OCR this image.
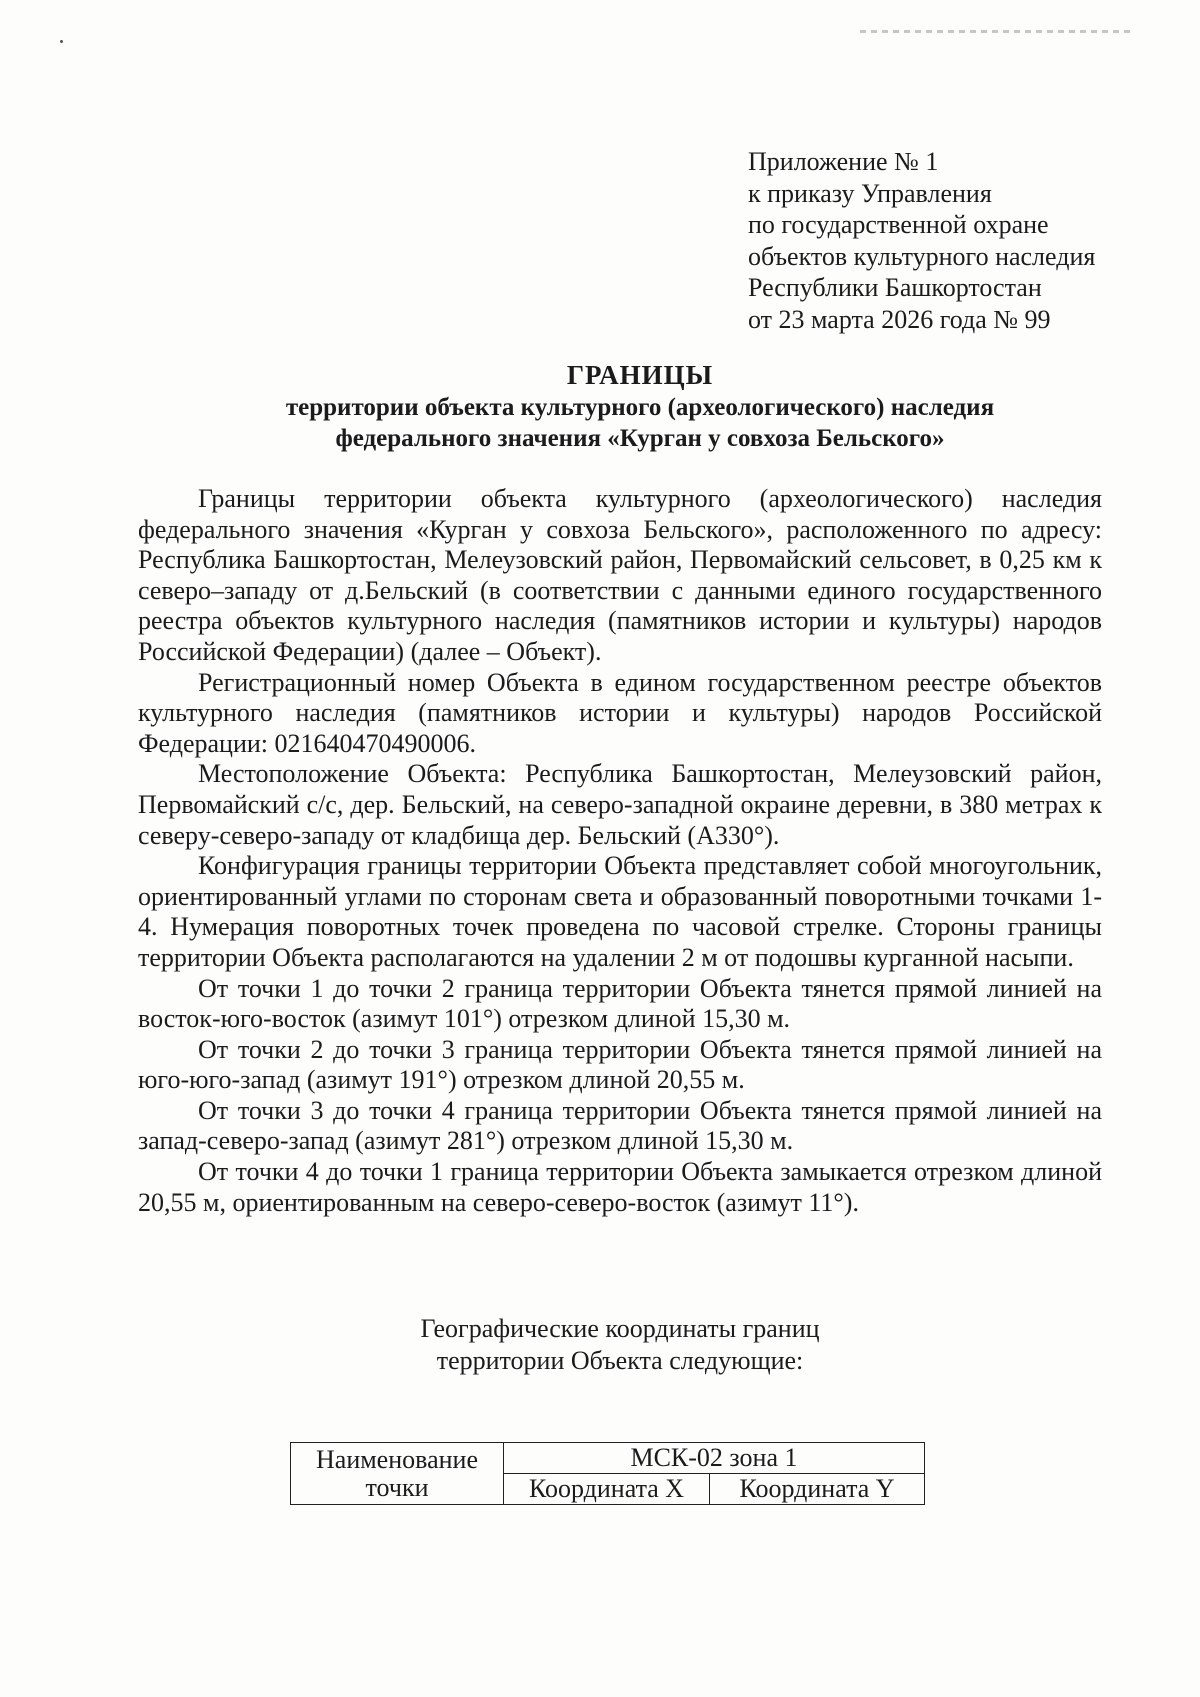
Приложение № 1
к приказу Управления
по государственной охране
объектов культурного наследия
Республики Башкортостан
от 23 марта 2026 года № 99
ГРАНИЦЫ
территории объекта культурного (археологического) наследия
федерального значения «Курган у совхоза Бельского»

Границы территории объекта культурного (археологического) наследия федерального значения «Курган у совхоза Бельского», расположенного по адресу: Республика Башкортостан, Мелеузовский район, Первомайский сельсовет, в 0,25 км к северо–западу от д.Бельский (в соответствии с данными единого государственного реестра объектов культурного наследия (памятников истории и культуры) народов Российской Федерации) (далее – Объект).

Регистрационный номер Объекта в едином государственном реестре объектов культурного наследия (памятников истории и культуры) народов Российской Федерации: 021640470490006.

Местоположение Объекта: Республика Башкортостан, Мелеузовский район, Первомайский с/с, дер. Бельский, на северо-западной окраине деревни, в 380 метрах к северу-северо-западу от кладбища дер. Бельский (А330°).

Конфигурация границы территории Объекта представляет собой многоугольник, ориентированный углами по сторонам света и образованный поворотными точками 1-4. Нумерация поворотных точек проведена по часовой стрелке. Стороны границы территории Объекта располагаются на удалении 2 м от подошвы курганной насыпи.

От точки 1 до точки 2 граница территории Объекта тянется прямой линией на восток-юго-восток (азимут 101°) отрезком длиной 15,30 м.

От точки 2 до точки 3 граница территории Объекта тянется прямой линией на юго-юго-запад (азимут 191°) отрезком длиной 20,55 м.

От точки 3 до точки 4 граница территории Объекта тянется прямой линией на запад-северо-запад (азимут 281°) отрезком длиной 15,30 м.

От точки 4 до точки 1 граница территории Объекта замыкается отрезком длиной 20,55 м, ориентированным на северо-северо-восток (азимут 11°).

Географические координаты границ
территории Объекта следующие:
Наименование
точки	МСК-02 зона 1	
	Координата X	Координата Y
